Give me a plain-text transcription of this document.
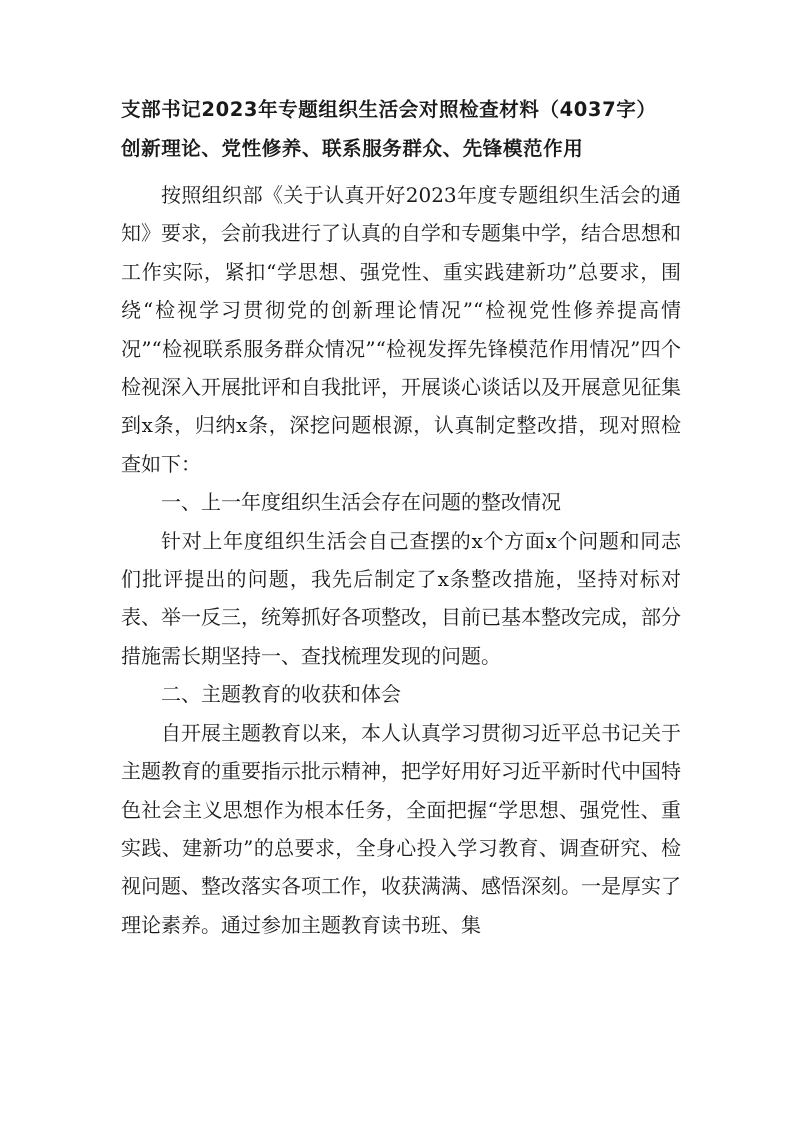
支部书记2023年专题组织生活会对照检查材料（4037字）
创新理论、党性修养、联系服务群众、先锋模范作用

按照组织部《关于认真开好2023年度专题组织生活会的通知》要求，会前我进行了认真的自学和专题集中学，结合思想和工作实际，紧扣“学思想、强党性、重实践建新功”总要求，围绕“检视学习贯彻党的创新理论情况”“检视党性修养提高情况”“检视联系服务群众情况”“检视发挥先锋模范作用情况”四个检视深入开展批评和自我批评，开展谈心谈话以及开展意见征集到x条，归纳x条，深挖问题根源，认真制定整改措，现对照检查如下：

一、上一年度组织生活会存在问题的整改情况

针对上年度组织生活会自己查摆的x个方面x个问题和同志们批评提出的问题，我先后制定了x条整改措施，坚持对标对表、举一反三，统筹抓好各项整改，目前已基本整改完成，部分措施需长期坚持一、查找梳理发现的问题。

二、主题教育的收获和体会

自开展主题教育以来，本人认真学习贯彻习近平总书记关于主题教育的重要指示批示精神，把学好用好习近平新时代中国特色社会主义思想作为根本任务，全面把握“学思想、强党性、重实践、建新功”的总要求，全身心投入学习教育、调查研究、检视问题、整改落实各项工作，收获满满、感悟深刻。一是厚实了理论素养。通过参加主题教育读书班、集
